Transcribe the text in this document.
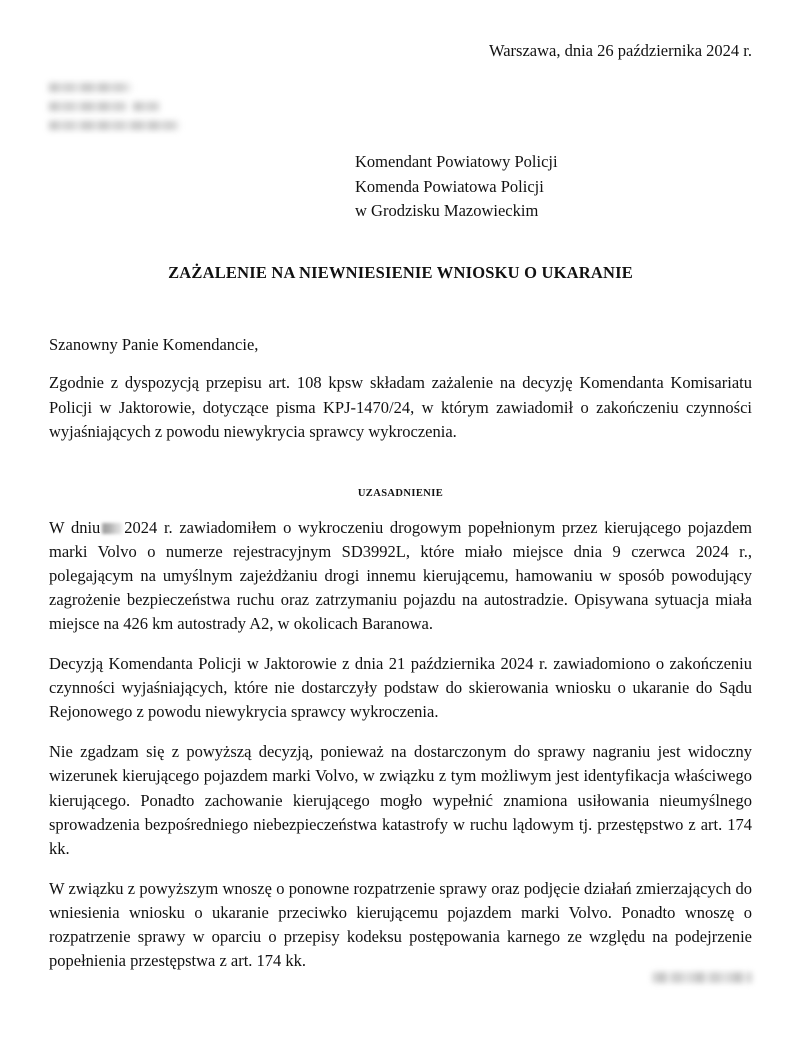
Warszawa, dnia 26 października 2024 r.
Komendant Powiatowy Policji
Komenda Powiatowa Policji
w Grodzisku Mazowieckim
ZAŻALENIE NA NIEWNIESIENIE WNIOSKU O UKARANIE
Szanowny Panie Komendancie,

Zgodnie z dyspozycją przepisu art. 108 kpsw składam zażalenie na decyzję Komendanta Komisariatu Policji w Jaktorowie, dotyczące pisma KPJ-1470/24, w którym zawiadomił o zakończeniu czynności wyjaśniających z powodu niewykrycia sprawcy wykroczenia.

UZASADNIENIE

W dniu 2024 r. zawiadomiłem o wykroczeniu drogowym popełnionym przez kierującego pojazdem marki Volvo o numerze rejestracyjnym SD3992L, które miało miejsce dnia 9 czerwca 2024 r., polegającym na umyślnym zajeżdżaniu drogi innemu kierującemu, hamowaniu w sposób powodujący zagrożenie bezpieczeństwa ruchu oraz zatrzymaniu pojazdu na autostradzie. Opisywana sytuacja miała miejsce na 426 km autostrady A2, w okolicach Baranowa.

Decyzją Komendanta Policji w Jaktorowie z dnia 21 października 2024 r. zawiadomiono o zakończeniu czynności wyjaśniających, które nie dostarczyły podstaw do skierowania wniosku o ukaranie do Sądu Rejonowego z powodu niewykrycia sprawcy wykroczenia.

Nie zgadzam się z powyższą decyzją, ponieważ na dostarczonym do sprawy nagraniu jest widoczny wizerunek kierującego pojazdem marki Volvo, w związku z tym możliwym jest identyfikacja właściwego kierującego. Ponadto zachowanie kierującego mogło wypełnić znamiona usiłowania nieumyślnego sprowadzenia bezpośredniego niebezpieczeństwa katastrofy w ruchu lądowym tj. przestępstwo z art. 174 kk.

W związku z powyższym wnoszę o ponowne rozpatrzenie sprawy oraz podjęcie działań zmierzających do wniesienia wniosku o ukaranie przeciwko kierującemu pojazdem marki Volvo. Ponadto wnoszę o rozpatrzenie sprawy w oparciu o przepisy kodeksu postępowania karnego ze względu na podejrzenie popełnienia przestępstwa z art. 174 kk.
